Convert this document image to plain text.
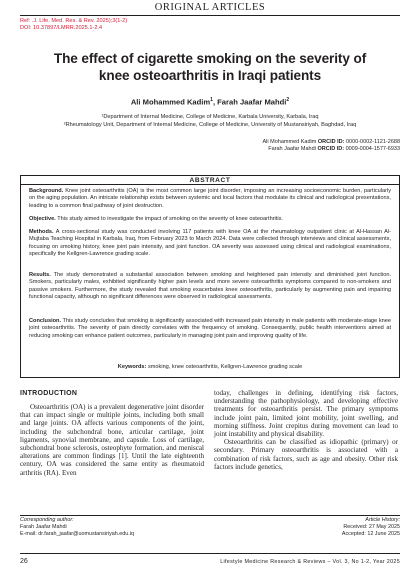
ORIGINAL ARTICLES
Ref: .J. Life. Med. Res. & Rev. 2025);3(1-2)
DOI: 10.37897/LMRR.2025.1-2.4
The effect of cigarette smoking on the severity of
knee osteoarthritis in Iraqi patients
Ali Mohammed Kadim$^1$, Farah Jaafar Mahdi$^2$
¹Department of Internal Medicine, College of Medicine, Karbala University, Karbala, Iraq
²Rheumatology Unit, Department of Internal Medicine, College of Medicine, University of Mustansiriyah, Baghdad, Iraq
Ali Mohammed Kadim ORCID ID: 0000-0002-1121-2688
Farah Jaafar Mahdi ORCID ID: 0009-0004-1577-6933
ABSTRACT
Background. Knee joint osteoarthritis (OA) is the most common large joint disorder, imposing an increasing socioeconomic burden, particularly on the aging population. An intricate relationship exists between systemic and local factors that modulate its clinical and radiological presentations, leading to a common final pathway of joint destruction.
Objective. This study aimed to investigate the impact of smoking on the severity of knee osteoarthritis.
Methods. A cross-sectional study was conducted involving 117 patients with knee OA at the rheumatology outpatient clinic at Al-Hassan Al-Mujtaba Teaching Hospital in Karbala, Iraq, from February 2023 to March 2024. Data were collected through interviews and clinical assessments, focusing on smoking history, knee joint pain intensity, and joint function. OA severity was assessed using clinical and radiological examinations, specifically the Kellgren-Lawrence grading scale.
Results. The study demonstrated a substantial association between smoking and heightened pain intensity and diminished joint function. Smokers, particularly males, exhibited significantly higher pain levels and more severe osteoarthritis symptoms compared to non-smokers and passive smokers. Furthermore, the study revealed that smoking exacerbates knee osteoarthritis, particularly by augmenting pain and impairing functional capacity, although no significant differences were observed in radiological assessments.
Conclusion. This study concludes that smoking is significantly associated with increased pain intensity in male patients with moderate-stage knee joint osteoarthritis. The severity of pain directly correlates with the frequency of smoking. Consequently, public health interventions aimed at reducing smoking can enhance patient outcomes, particularly in managing joint pain and improving quality of life.
Keywords: smoking, knee osteoarthritis, Kellgren-Lawrence grading scale
INTRODUCTION

Osteoarthritis (OA) is a prevalent degenerative joint disorder that can impact single or multiple joints, including both small and large joints. OA affects various components of the joint, including the subchondral bone, articular cartilage, joint ligaments, synovial membrane, and capsule. Loss of cartilage, subchondral bone sclerosis, osteophyte formation, and meniscal alterations are common findings [1]. Until the late eighteenth century, OA was considered the same entity as rheumatoid arthritis (RA). Even

today, challenges in defining, identifying risk factors, understanding the pathophysiology, and developing effective treatments for osteoarthritis persist. The primary symptoms include joint pain, limited joint mobility, joint swelling, and morning stiffness. Joint crepitus during movement can lead to joint instability and physical disability.

Osteoarthritis can be classified as idiopathic (primary) or secondary. Primary osteoarthritis is associated with a combination of risk factors, such as age and obesity. Other risk factors include genetics,

Corresponding author:
Farah Jaafar Mahdi
E-mail: dr.farah_jaafar@uomustansiriyah.edu.iq
Article History:
Received: 27 May 2025
Accepted: 12 June 2025
26	Lifestyle Medicine Research & Reviews – Vol. 3, No 1-2, Year 2025
